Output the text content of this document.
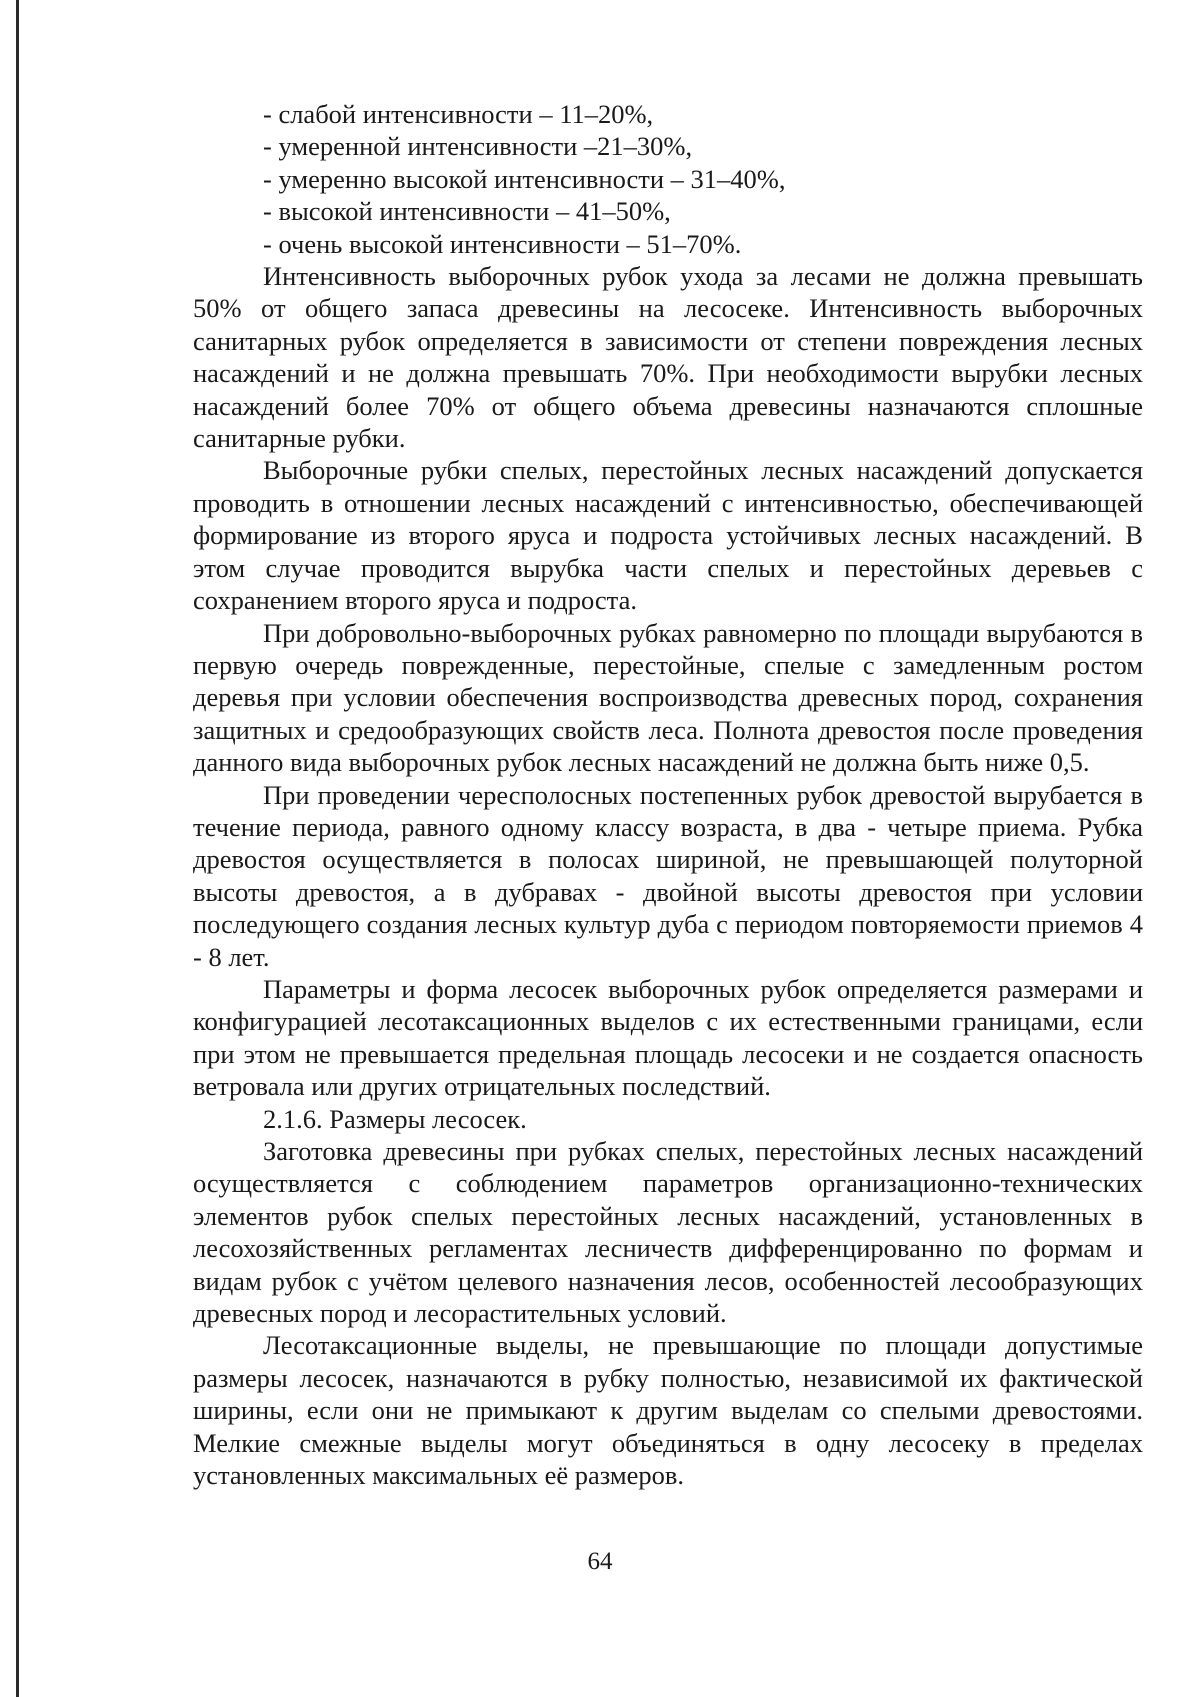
- слабой интенсивности – 11–20%,

- умеренной интенсивности –21–30%,

- умеренно высокой интенсивности – 31–40%,

- высокой интенсивности – 41–50%,

- очень высокой интенсивности – 51–70%.

Интенсивность выборочных рубок ухода за лесами не должна превышать 50% от общего запаса древесины на лесосеке. Интенсивность выборочных санитарных рубок определяется в зависимости от степени повреждения лесных насаждений и не должна превышать 70%. При необходимости вырубки лесных насаждений более 70% от общего объема древесины назначаются сплошные санитарные рубки.

Выборочные рубки спелых, перестойных лесных насаждений допускается проводить в отношении лесных насаждений с интенсивностью, обеспечивающей формирование из второго яруса и подроста устойчивых лесных насаждений. В этом случае проводится вырубка части спелых и перестойных деревьев с сохранением второго яруса и подроста.

При добровольно-выборочных рубках равномерно по площади вырубаются в первую очередь поврежденные, перестойные, спелые с замедленным ростом деревья при условии обеспечения воспроизводства древесных пород, сохранения защитных и средообразующих свойств леса. Полнота древостоя после проведения данного вида выборочных рубок лесных насаждений не должна быть ниже 0,5.

При проведении чересполосных постепенных рубок древостой вырубается в течение периода, равного одному классу возраста, в два - четыре приема. Рубка древостоя осуществляется в полосах шириной, не превышающей полуторной высоты древостоя, а в дубравах - двойной высоты древостоя при условии последующего создания лесных культур дуба с периодом повторяемости приемов 4 - 8 лет.

Параметры и форма лесосек выборочных рубок определяется размерами и конфигурацией лесотаксационных выделов с их естественными границами, если при этом не превышается предельная площадь лесосеки и не создается опасность ветровала или других отрицательных последствий.

2.1.6. Размеры лесосек.

Заготовка древесины при рубках спелых, перестойных лесных насаждений осуществляется с соблюдением параметров организационно-технических элементов рубок спелых перестойных лесных насаждений, установленных в лесохозяйственных регламентах лесничеств дифференцированно по формам и видам рубок с учётом целевого назначения лесов, особенностей лесообразующих древесных пород и лесорастительных условий.

Лесотаксационные выделы, не превышающие по площади допустимые размеры лесосек, назначаются в рубку полностью, независимой их фактической ширины, если они не примыкают к другим выделам со спелыми древостоями. Мелкие смежные выделы могут объединяться в одну лесосеку в пределах установленных максимальных её размеров.

64
